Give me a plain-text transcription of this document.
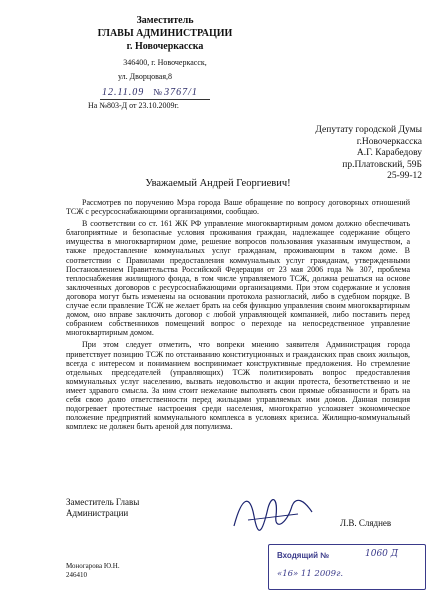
Заместитель
ГЛАВЫ АДМИНИСТРАЦИИ
г. Новочеркасска
346400, г. Новочеркасск,
ул. Дворцовая,8
12.11.09 № 3767/1
На №803-Д от 23.10.2009г.
Депутату городской Думы
г.Новочеркасска
А.Г. Карабедову
пр.Платовский, 59Б
25-99-12
Уважаемый Андрей Георгиевич!

Рассмотрев по поручению Мэра города Ваше обращение по вопросу договорных отношений ТСЖ с ресурсоснабжающими организациями, сообщаю.

В соответствии со ст. 161 ЖК РФ управление многоквартирным домом должно обеспечивать благоприятные и безопасные условия проживания граждан, надлежащее содержание общего имущества в многоквартирном доме, решение вопросов пользования указанным имуществом, а также предоставление коммунальных услуг гражданам, проживающим в таком доме. В соответствии с Правилами предоставления коммунальных услуг гражданам, утвержденными Постановлением Правительства Российской Федерации от 23 мая 2006 года № 307, проблема теплоснабжения жилищного фонда, в том числе управляемого ТСЖ, должна решаться на основе заключенных договоров с ресурсоснабжающими организациями. При этом содержание и условия договора могут быть изменены на основании протокола разногласий, либо в судебном порядке. В случае если правление ТСЖ не желает брать на себя функцию управления своим многоквартирным домом, оно вправе заключить договор с любой управляющей компанией, либо поставить перед собранием собственников помещений вопрос о переходе на непосредственное управление многоквартирным домом.

При этом следует отметить, что вопреки мнению заявителя Администрация города приветствует позицию ТСЖ по отстаиванию конституционных и гражданских прав своих жильцов, всегда с интересом и пониманием воспринимает конструктивные предложения. Но стремление отдельных председателей (управляющих) ТСЖ политизировать вопрос предоставления коммунальных услуг населению, вызвать недовольство и акции протеста, безответственно и не имеет здравого смысла. За ним стоит нежелание выполнять свои прямые обязанности и брать на себя свою долю ответственности перед жильцами управляемых ими домов. Данная позиция подогревает протестные настроения среди населения, многократно усложняет экономическое положение предприятий коммунального комплекса в условиях кризиса. Жилищно-коммунальный комплекс не должен быть ареной для популизма.

Заместитель Главы
Администрации
Л.В. Сляднев
Моногарова Ю.Н.
246410
Входящий №	1060 Д
«16» 11 2009г.
